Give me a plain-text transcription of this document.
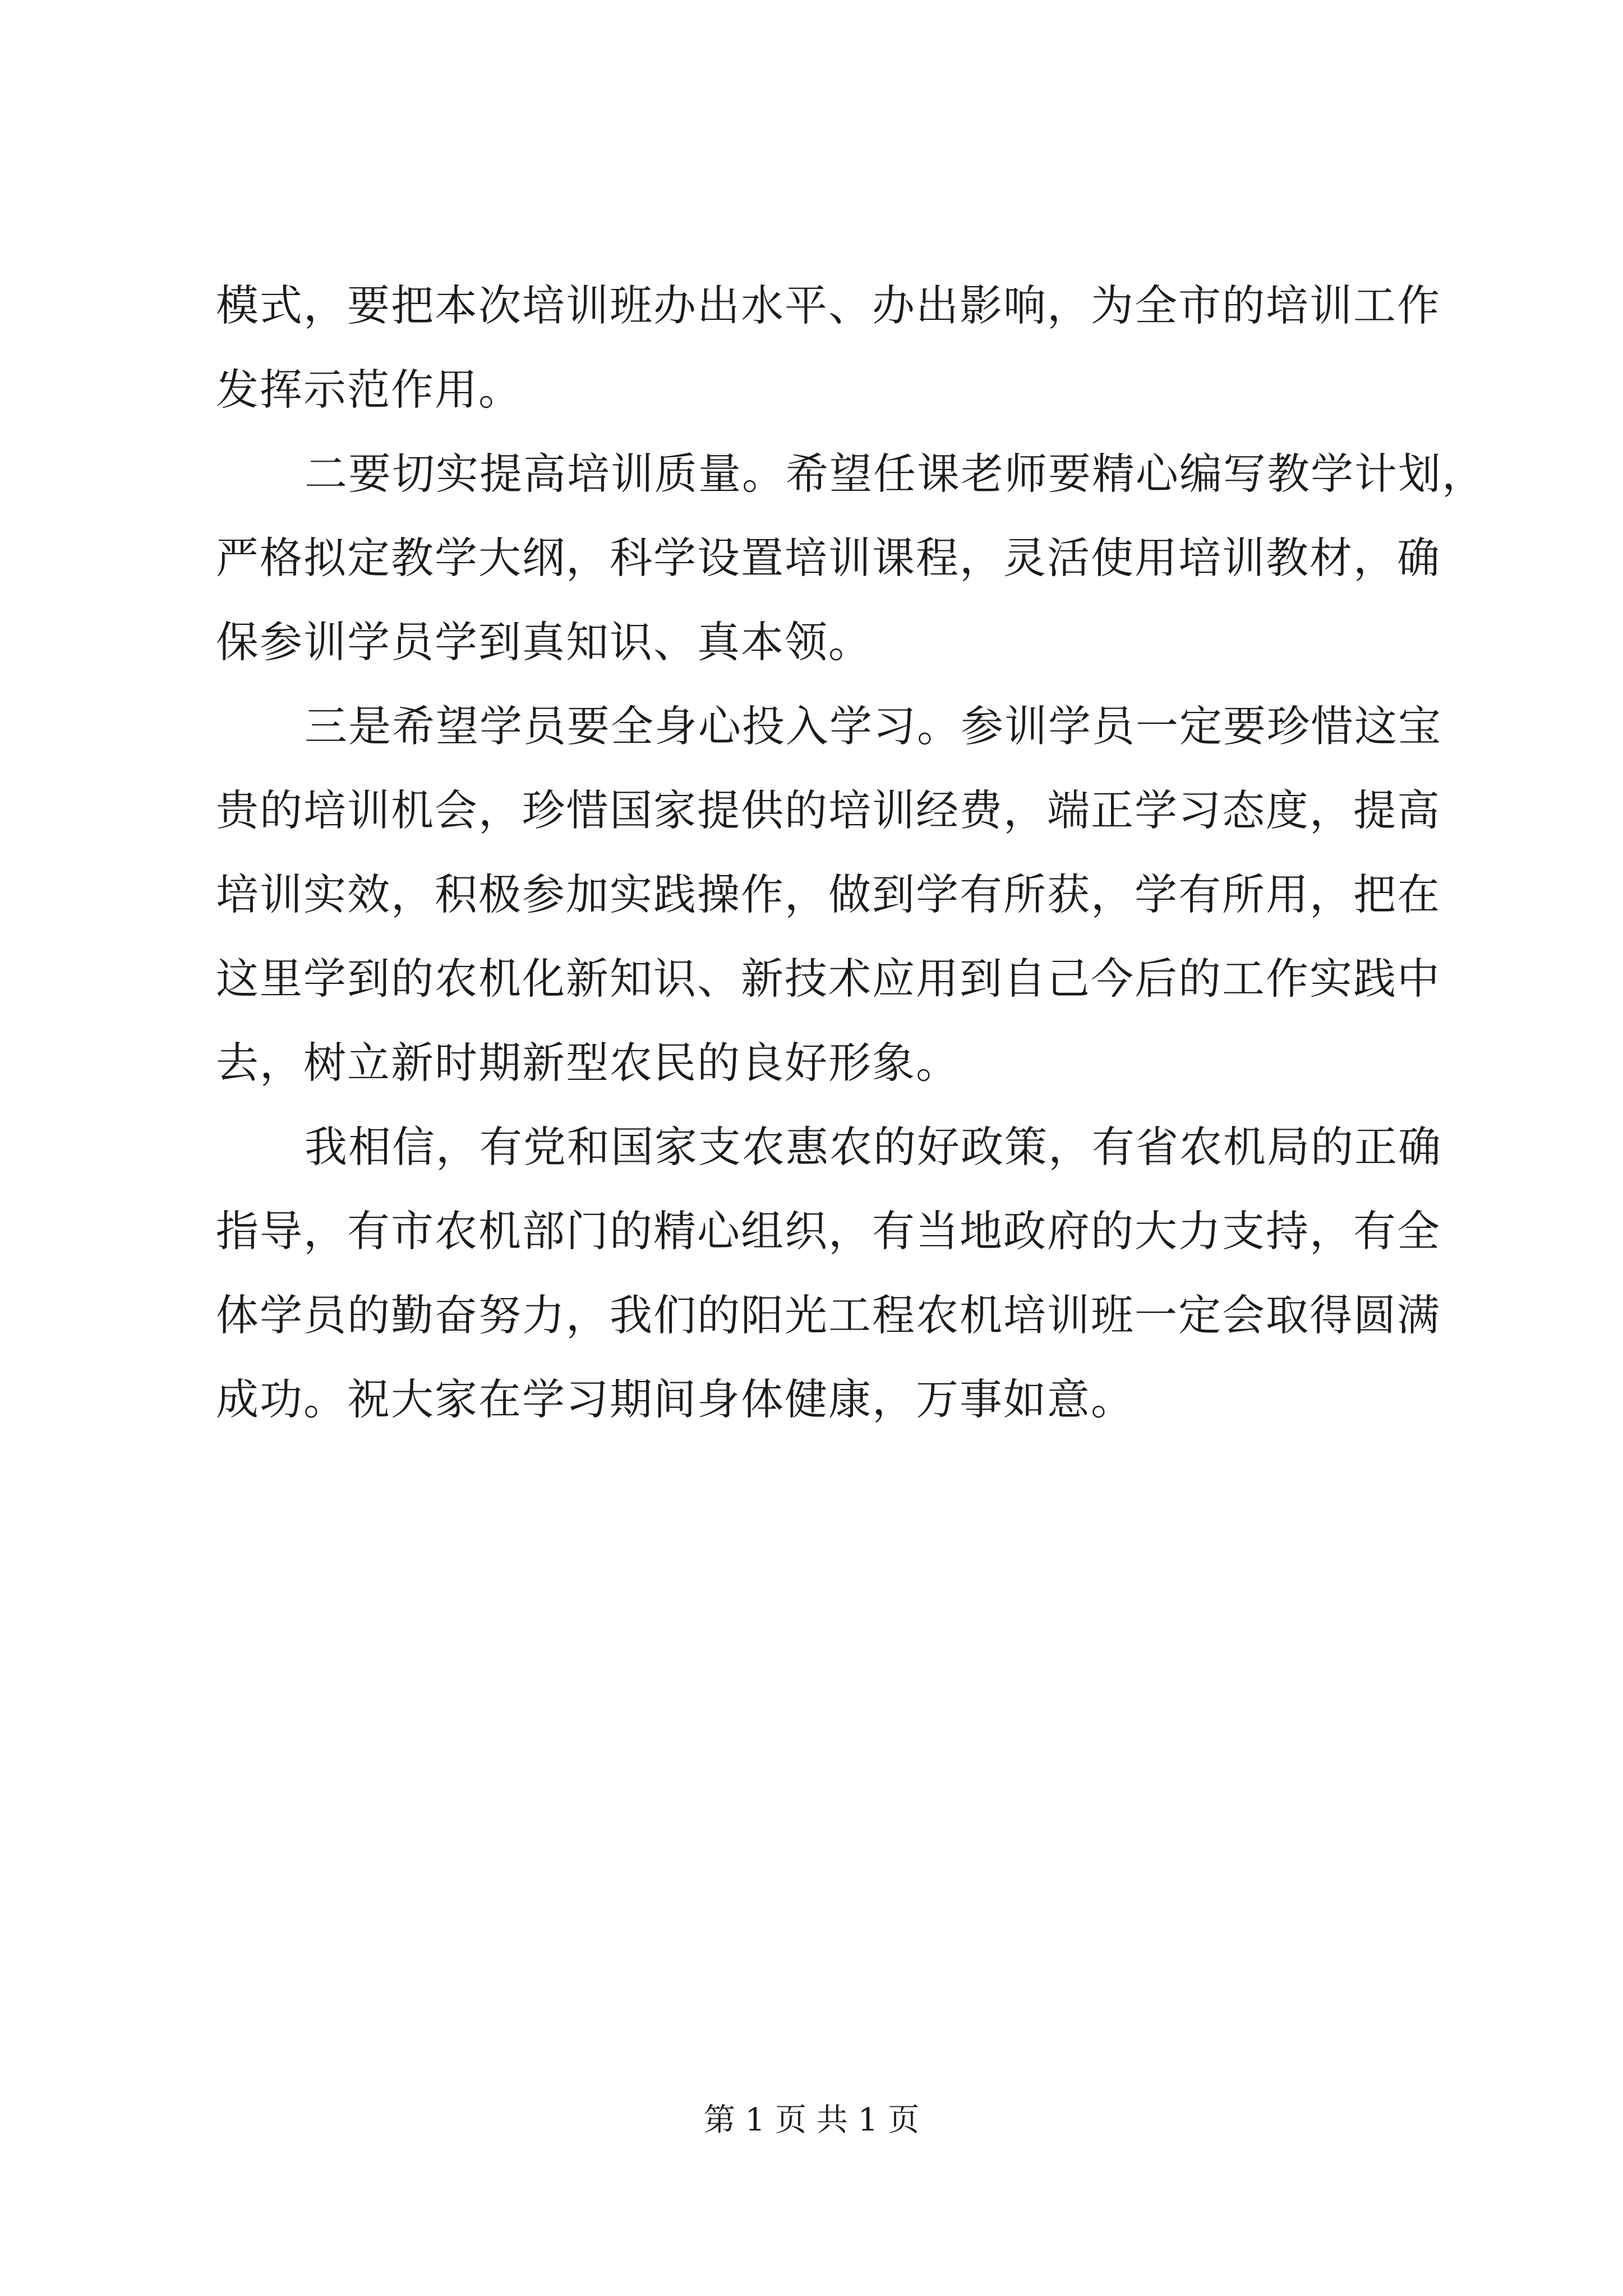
模式，要把本次培训班办出水平、办出影响，为全市的培训工作

发挥示范作用。

二要切实提高培训质量。希望任课老师要精心编写教学计划，

严格拟定教学大纲，科学设置培训课程，灵活使用培训教材，确

保参训学员学到真知识、真本领。

三是希望学员要全身心投入学习。参训学员一定要珍惜这宝

贵的培训机会，珍惜国家提供的培训经费，端正学习态度，提高

培训实效，积极参加实践操作，做到学有所获，学有所用，把在

这里学到的农机化新知识、新技术应用到自己今后的工作实践中

去，树立新时期新型农民的良好形象。

我相信，有党和国家支农惠农的好政策，有省农机局的正确

指导，有市农机部门的精心组织，有当地政府的大力支持，有全

体学员的勤奋努力，我们的阳光工程农机培训班一定会取得圆满

成功。祝大家在学习期间身体健康，万事如意。

第 1 页 共 1 页
